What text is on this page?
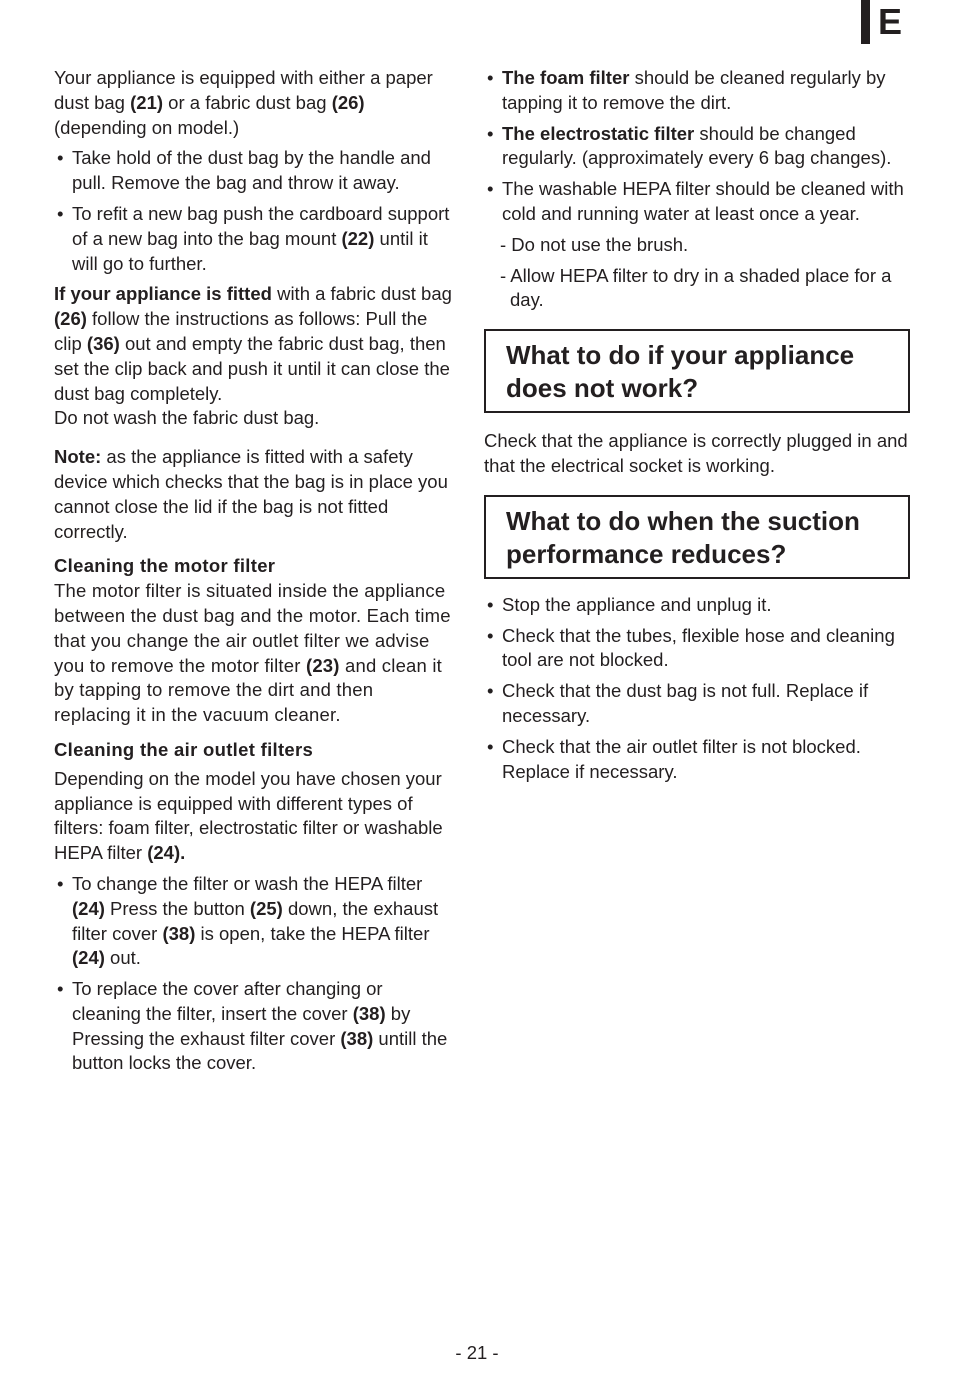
E

Your appliance is equipped with either a paper dust bag (21) or a fabric dust bag (26) (depending on model.)

• Take hold of the dust bag by the handle and pull. Remove the bag and throw it away.
• To refit a new bag push the cardboard support of a new bag into the bag mount (22) until it will go to further.

If your appliance is fitted with a fabric dust bag (26) follow the instructions as follows: Pull the clip (36) out and empty the fabric dust bag, then set the clip back and push it until it can close the dust bag completely.
Do not wash the fabric dust bag.

Note: as the appliance is fitted with a safety device which checks that the bag is in place you cannot close the lid if the bag is not fitted correctly.

Cleaning the motor filter

The motor filter is situated inside the appliance between the dust bag and the motor. Each time that you change the air outlet filter we advise you to remove the motor filter (23) and clean it by tapping to remove the dirt and then replacing it in the vacuum cleaner.

Cleaning the air outlet filters

Depending on the model you have chosen your appliance is equipped with different types of filters: foam filter, electrostatic filter or washable HEPA filter (24).

• To change the filter or wash the HEPA filter (24) Press the button (25) down, the exhaust filter cover (38) is open, take the HEPA filter (24) out.
• To replace the cover after changing or cleaning the filter, insert the cover (38) by Pressing the exhaust filter cover (38) untill the button locks the cover.
• The foam filter should be cleaned regularly by tapping it to remove the dirt.
• The electrostatic filter should be changed regularly. (approximately every 6 bag changes).
• The washable HEPA filter should be cleaned with cold and running water at least once a year.

- Do not use the brush.

- Allow HEPA filter to dry in a shaded place for a day.

What to do if your appliance does not work?

Check that the appliance is correctly plugged in and that the electrical socket is working.

What to do when the suction performance reduces?
• Stop the appliance and unplug it.
• Check that the tubes, flexible hose and cleaning tool are not blocked.
• Check that the dust bag is not full. Replace if necessary.
• Check that the air outlet filter is not blocked. Replace if necessary.
- 21 -
